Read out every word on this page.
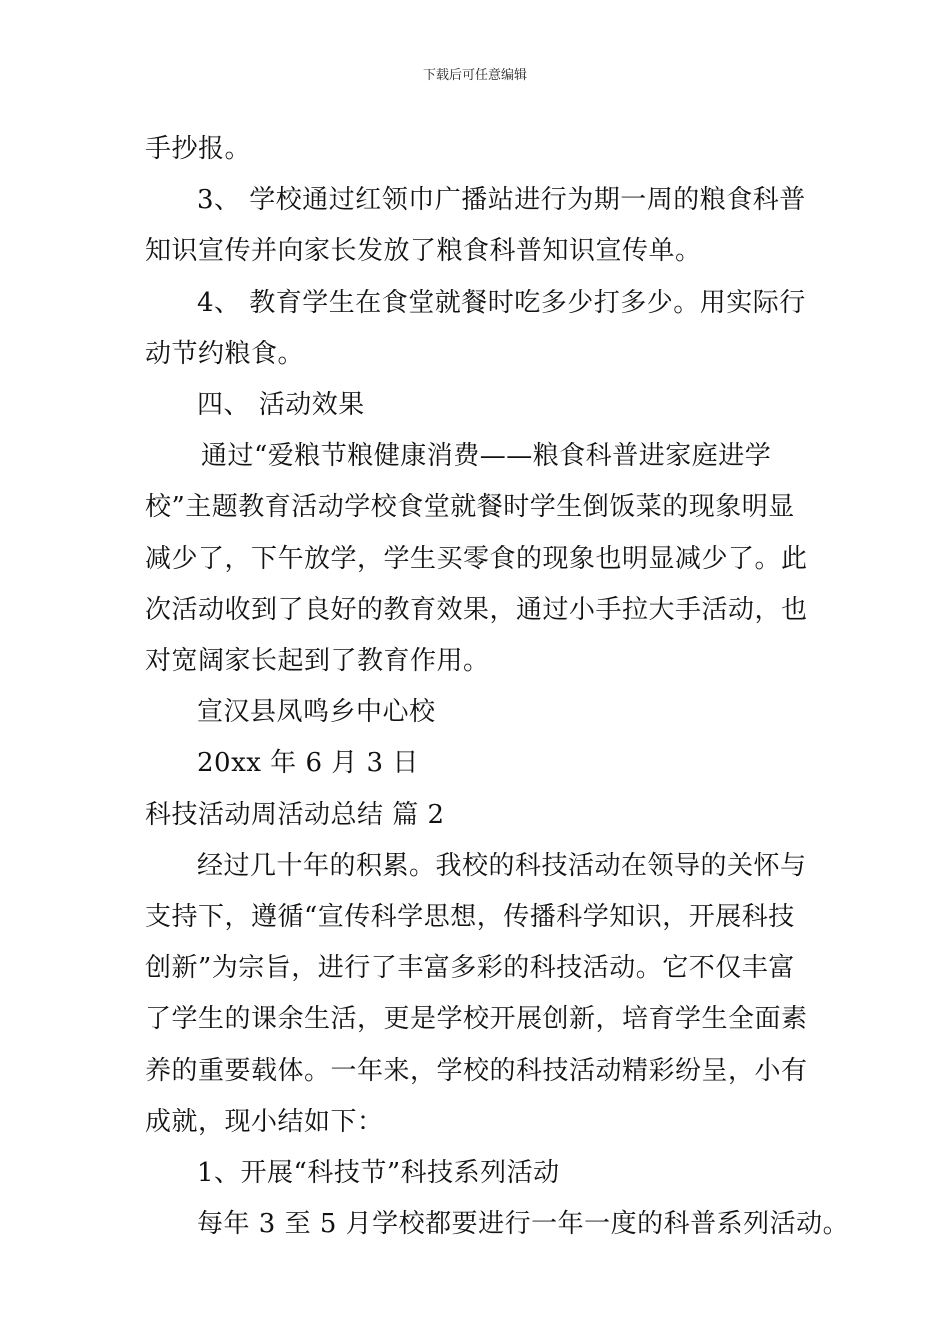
下载后可任意编辑

手抄报。

3、 学校通过红领巾广播站进行为期一周的粮食科普

知识宣传并向家长发放了粮食科普知识宣传单。

4、 教育学生在食堂就餐时吃多少打多少。用实际行

动节约粮食。

四、 活动效果

通过“爱粮节粮健康消费——粮食科普进家庭进学

校”主题教育活动学校食堂就餐时学生倒饭菜的现象明显

减少了，下午放学，学生买零食的现象也明显减少了。此

次活动收到了良好的教育效果，通过小手拉大手活动，也

对宽阔家长起到了教育作用。

宣汉县凤鸣乡中心校

20xx 年 6 月 3 日

科技活动周活动总结 篇 2

经过几十年的积累。我校的科技活动在领导的关怀与

支持下，遵循“宣传科学思想，传播科学知识，开展科技

创新”为宗旨，进行了丰富多彩的科技活动。它不仅丰富

了学生的课余生活，更是学校开展创新，培育学生全面素

养的重要载体。一年来，学校的科技活动精彩纷呈，小有

成就，现小结如下：

1、开展“科技节”科技系列活动

每年 3 至 5 月学校都要进行一年一度的科普系列活动。
